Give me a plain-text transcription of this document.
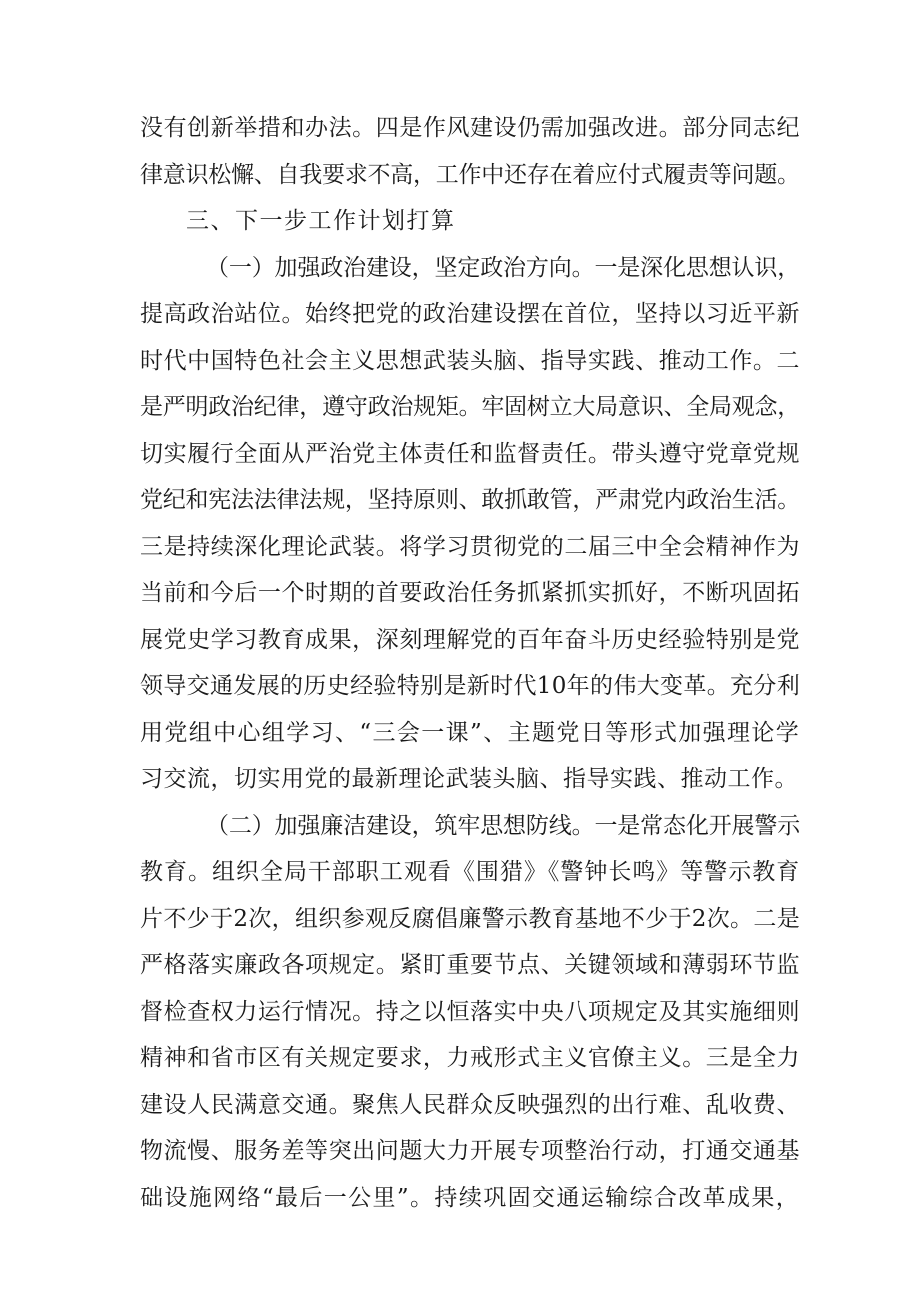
没有创新举措和办法。四是作风建设仍需加强改进。部分同志纪
律意识松懈、自我要求不高，工作中还存在着应付式履责等问题。
三、下一步工作计划打算
（一）加强政治建设，坚定政治方向。一是深化思想认识，
提高政治站位。始终把党的政治建设摆在首位，坚持以习近平新
时代中国特色社会主义思想武装头脑、指导实践、推动工作。二
是严明政治纪律，遵守政治规矩。牢固树立大局意识、全局观念，
切实履行全面从严治党主体责任和监督责任。带头遵守党章党规
党纪和宪法法律法规，坚持原则、敢抓敢管，严肃党内政治生活。
三是持续深化理论武装。将学习贯彻党的二届三中全会精神作为
当前和今后一个时期的首要政治任务抓紧抓实抓好，不断巩固拓
展党史学习教育成果，深刻理解党的百年奋斗历史经验特别是党
领导交通发展的历史经验特别是新时代10年的伟大变革。充分利
用党组中心组学习、“三会一课”、主题党日等形式加强理论学
习交流，切实用党的最新理论武装头脑、指导实践、推动工作。
（二）加强廉洁建设，筑牢思想防线。一是常态化开展警示
教育。组织全局干部职工观看《围猎》《警钟长鸣》等警示教育
片不少于2次，组织参观反腐倡廉警示教育基地不少于2次。二是
严格落实廉政各项规定。紧盯重要节点、关键领域和薄弱环节监
督检查权力运行情况。持之以恒落实中央八项规定及其实施细则
精神和省市区有关规定要求，力戒形式主义官僚主义。三是全力
建设人民满意交通。聚焦人民群众反映强烈的出行难、乱收费、
物流慢、服务差等突出问题大力开展专项整治行动，打通交通基
础设施网络“最后一公里”。持续巩固交通运输综合改革成果，
